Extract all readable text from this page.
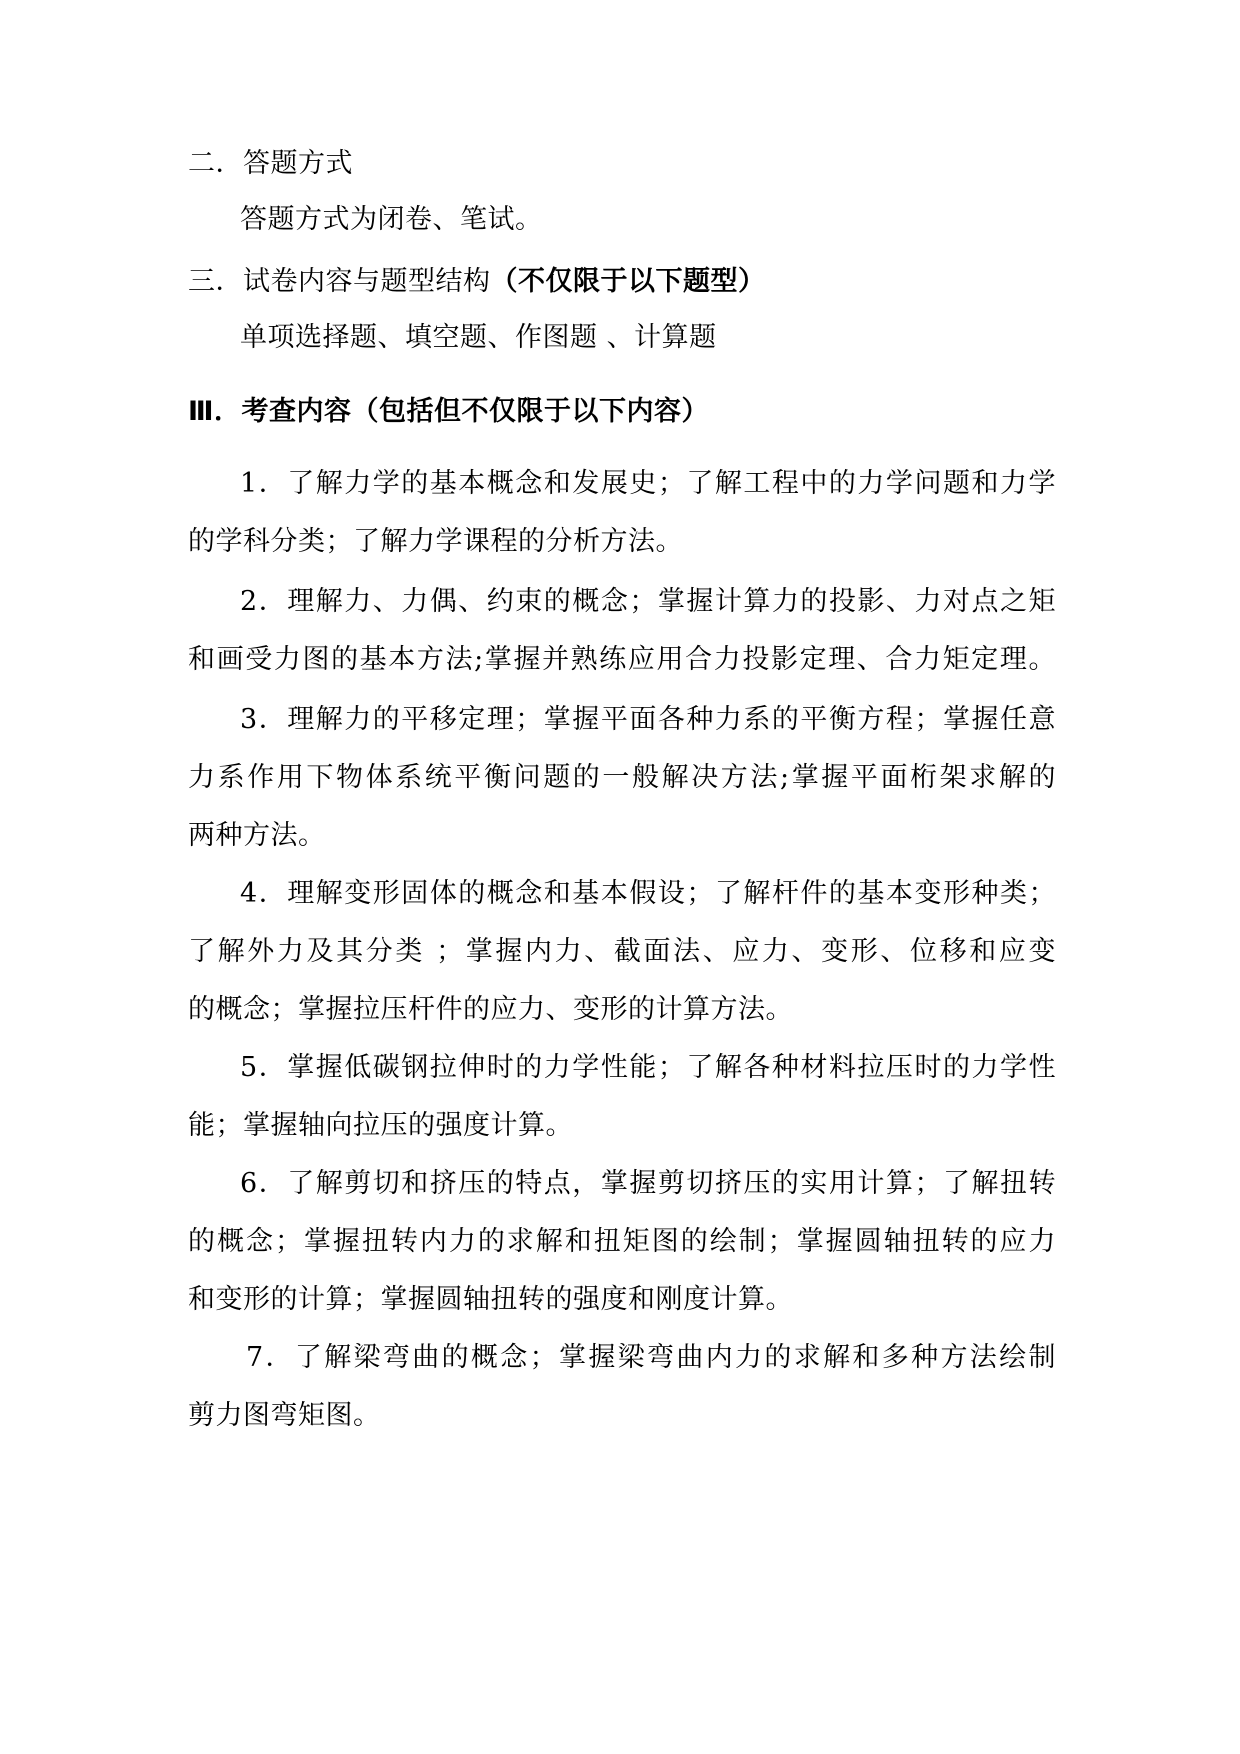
二．答题方式
答题方式为闭卷、笔试。
三．试卷内容与题型结构（不仅限于以下题型）
单项选择题、填空题、作图题 、计算题
Ⅲ．考查内容（包括但不仅限于以下内容）
1．了解力学的基本概念和发展史；了解工程中的力学问题和力学
的学科分类；了解力学课程的分析方法。
2．理解力、力偶、约束的概念；掌握计算力的投影、力对点之矩
和画受力图的基本方法;掌握并熟练应用合力投影定理、合力矩定理。
3．理解力的平移定理；掌握平面各种力系的平衡方程；掌握任意
力系作用下物体系统平衡问题的一般解决方法;掌握平面桁架求解的
两种方法。
4．理解变形固体的概念和基本假设；了解杆件的基本变形种类；
了解外力及其分类 ；掌握内力、截面法、应力、变形、位移和应变
的概念；掌握拉压杆件的应力、变形的计算方法。
5．掌握低碳钢拉伸时的力学性能；了解各种材料拉压时的力学性
能；掌握轴向拉压的强度计算。
6．了解剪切和挤压的特点，掌握剪切挤压的实用计算；了解扭转
的概念；掌握扭转内力的求解和扭矩图的绘制；掌握圆轴扭转的应力
和变形的计算；掌握圆轴扭转的强度和刚度计算。
7．了解梁弯曲的概念；掌握梁弯曲内力的求解和多种方法绘制
剪力图弯矩图。
